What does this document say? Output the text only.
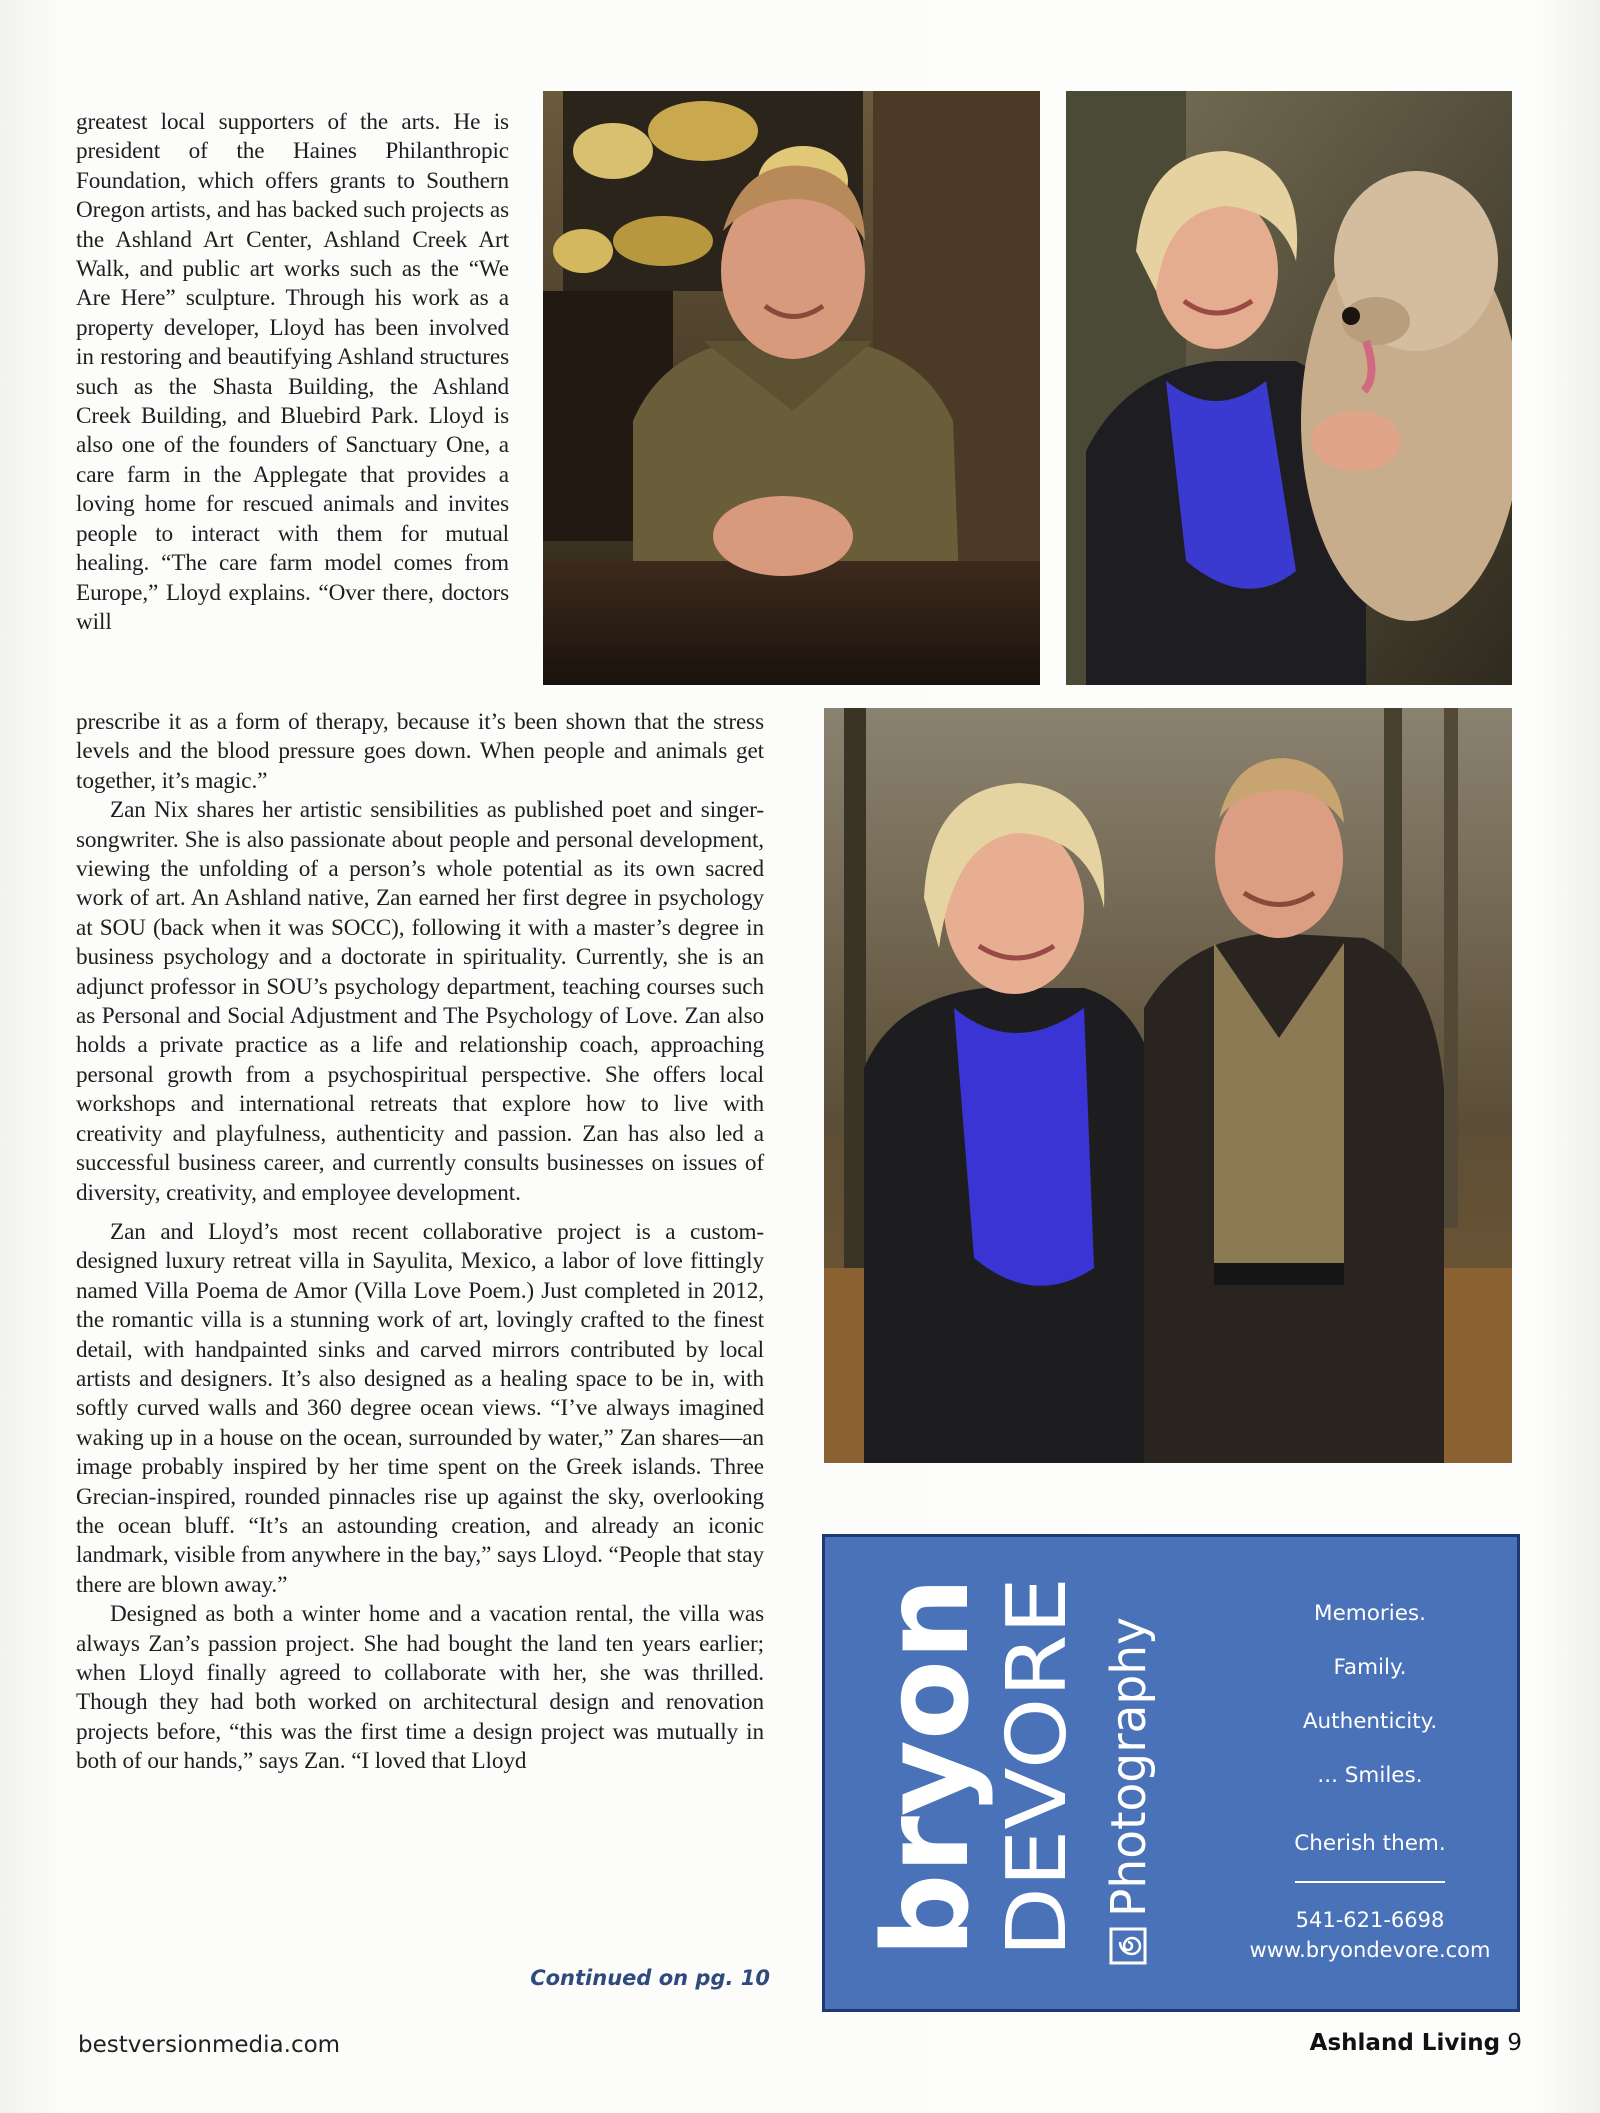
greatest local supporters of the arts. He is president of the Haines Philanthropic Foundation, which offers grants to Southern Oregon artists, and has backed such projects as the Ashland Art Center, Ashland Creek Art Walk, and public art works such as the “We Are Here” sculpture. Through his work as a property developer, Lloyd has been involved in restoring and beautifying Ashland structures such as the Shasta Building, the Ashland Creek Building, and Bluebird Park. Lloyd is also one of the founders of Sanctuary One, a care farm in the Applegate that provides a loving home for rescued animals and invites people to interact with them for mutual healing. “The care farm model comes from Europe,” Lloyd explains. “Over there, doctors will

prescribe it as a form of therapy, because it’s been shown that the stress levels and the blood pressure goes down. When people and animals get together, it’s magic.”

Zan Nix shares her artistic sensibilities as published poet and singer-songwriter. She is also passionate about people and personal development, viewing the unfolding of a person’s whole potential as its own sacred work of art. An Ashland native, Zan earned her first degree in psychology at SOU (back when it was SOCC), following it with a master’s degree in business psychology and a doctorate in spirituality. Currently, she is an adjunct professor in SOU’s psychology department, teaching courses such as Personal and Social Adjustment and The Psychology of Love. Zan also holds a private practice as a life and relationship coach, approaching personal growth from a psychospiritual perspective. She offers local workshops and international retreats that explore how to live with creativity and playfulness, authenticity and passion. Zan has also led a successful business career, and currently consults businesses on issues of diversity, creativity, and employee development.

Zan and Lloyd’s most recent collaborative project is a custom-designed luxury retreat villa in Sayulita, Mexico, a labor of love fittingly named Villa Poema de Amor (Villa Love Poem.) Just completed in 2012, the romantic villa is a stunning work of art, lovingly crafted to the finest detail, with handpainted sinks and carved mirrors contributed by local artists and designers. It’s also designed as a healing space to be in, with softly curved walls and 360 degree ocean views. “I’ve always imagined waking up in a house on the ocean, surrounded by water,” Zan shares—an image probably inspired by her time spent on the Greek islands. Three Grecian-inspired, rounded pinnacles rise up against the sky, overlooking the ocean bluff. “It’s an astounding creation, and already an iconic landmark, visible from anywhere in the bay,” says Lloyd. “People that stay there are blown away.”

Designed as both a winter home and a vacation rental, the villa was always Zan’s passion project. She had bought the land ten years earlier; when Lloyd finally agreed to collaborate with her, she was thrilled. Though they had both worked on architectural design and renovation projects before, “this was the first time a design project was mutually in both of our hands,” says Zan. “I loved that Lloyd

Continued on pg. 10
bryon
DEVORE Photography	Memories.
Family.
Authenticity.
... Smiles.
Cherish them.
541-621-6698
www.bryondevore.com
bestversionmedia.com	Ashland Living 9
